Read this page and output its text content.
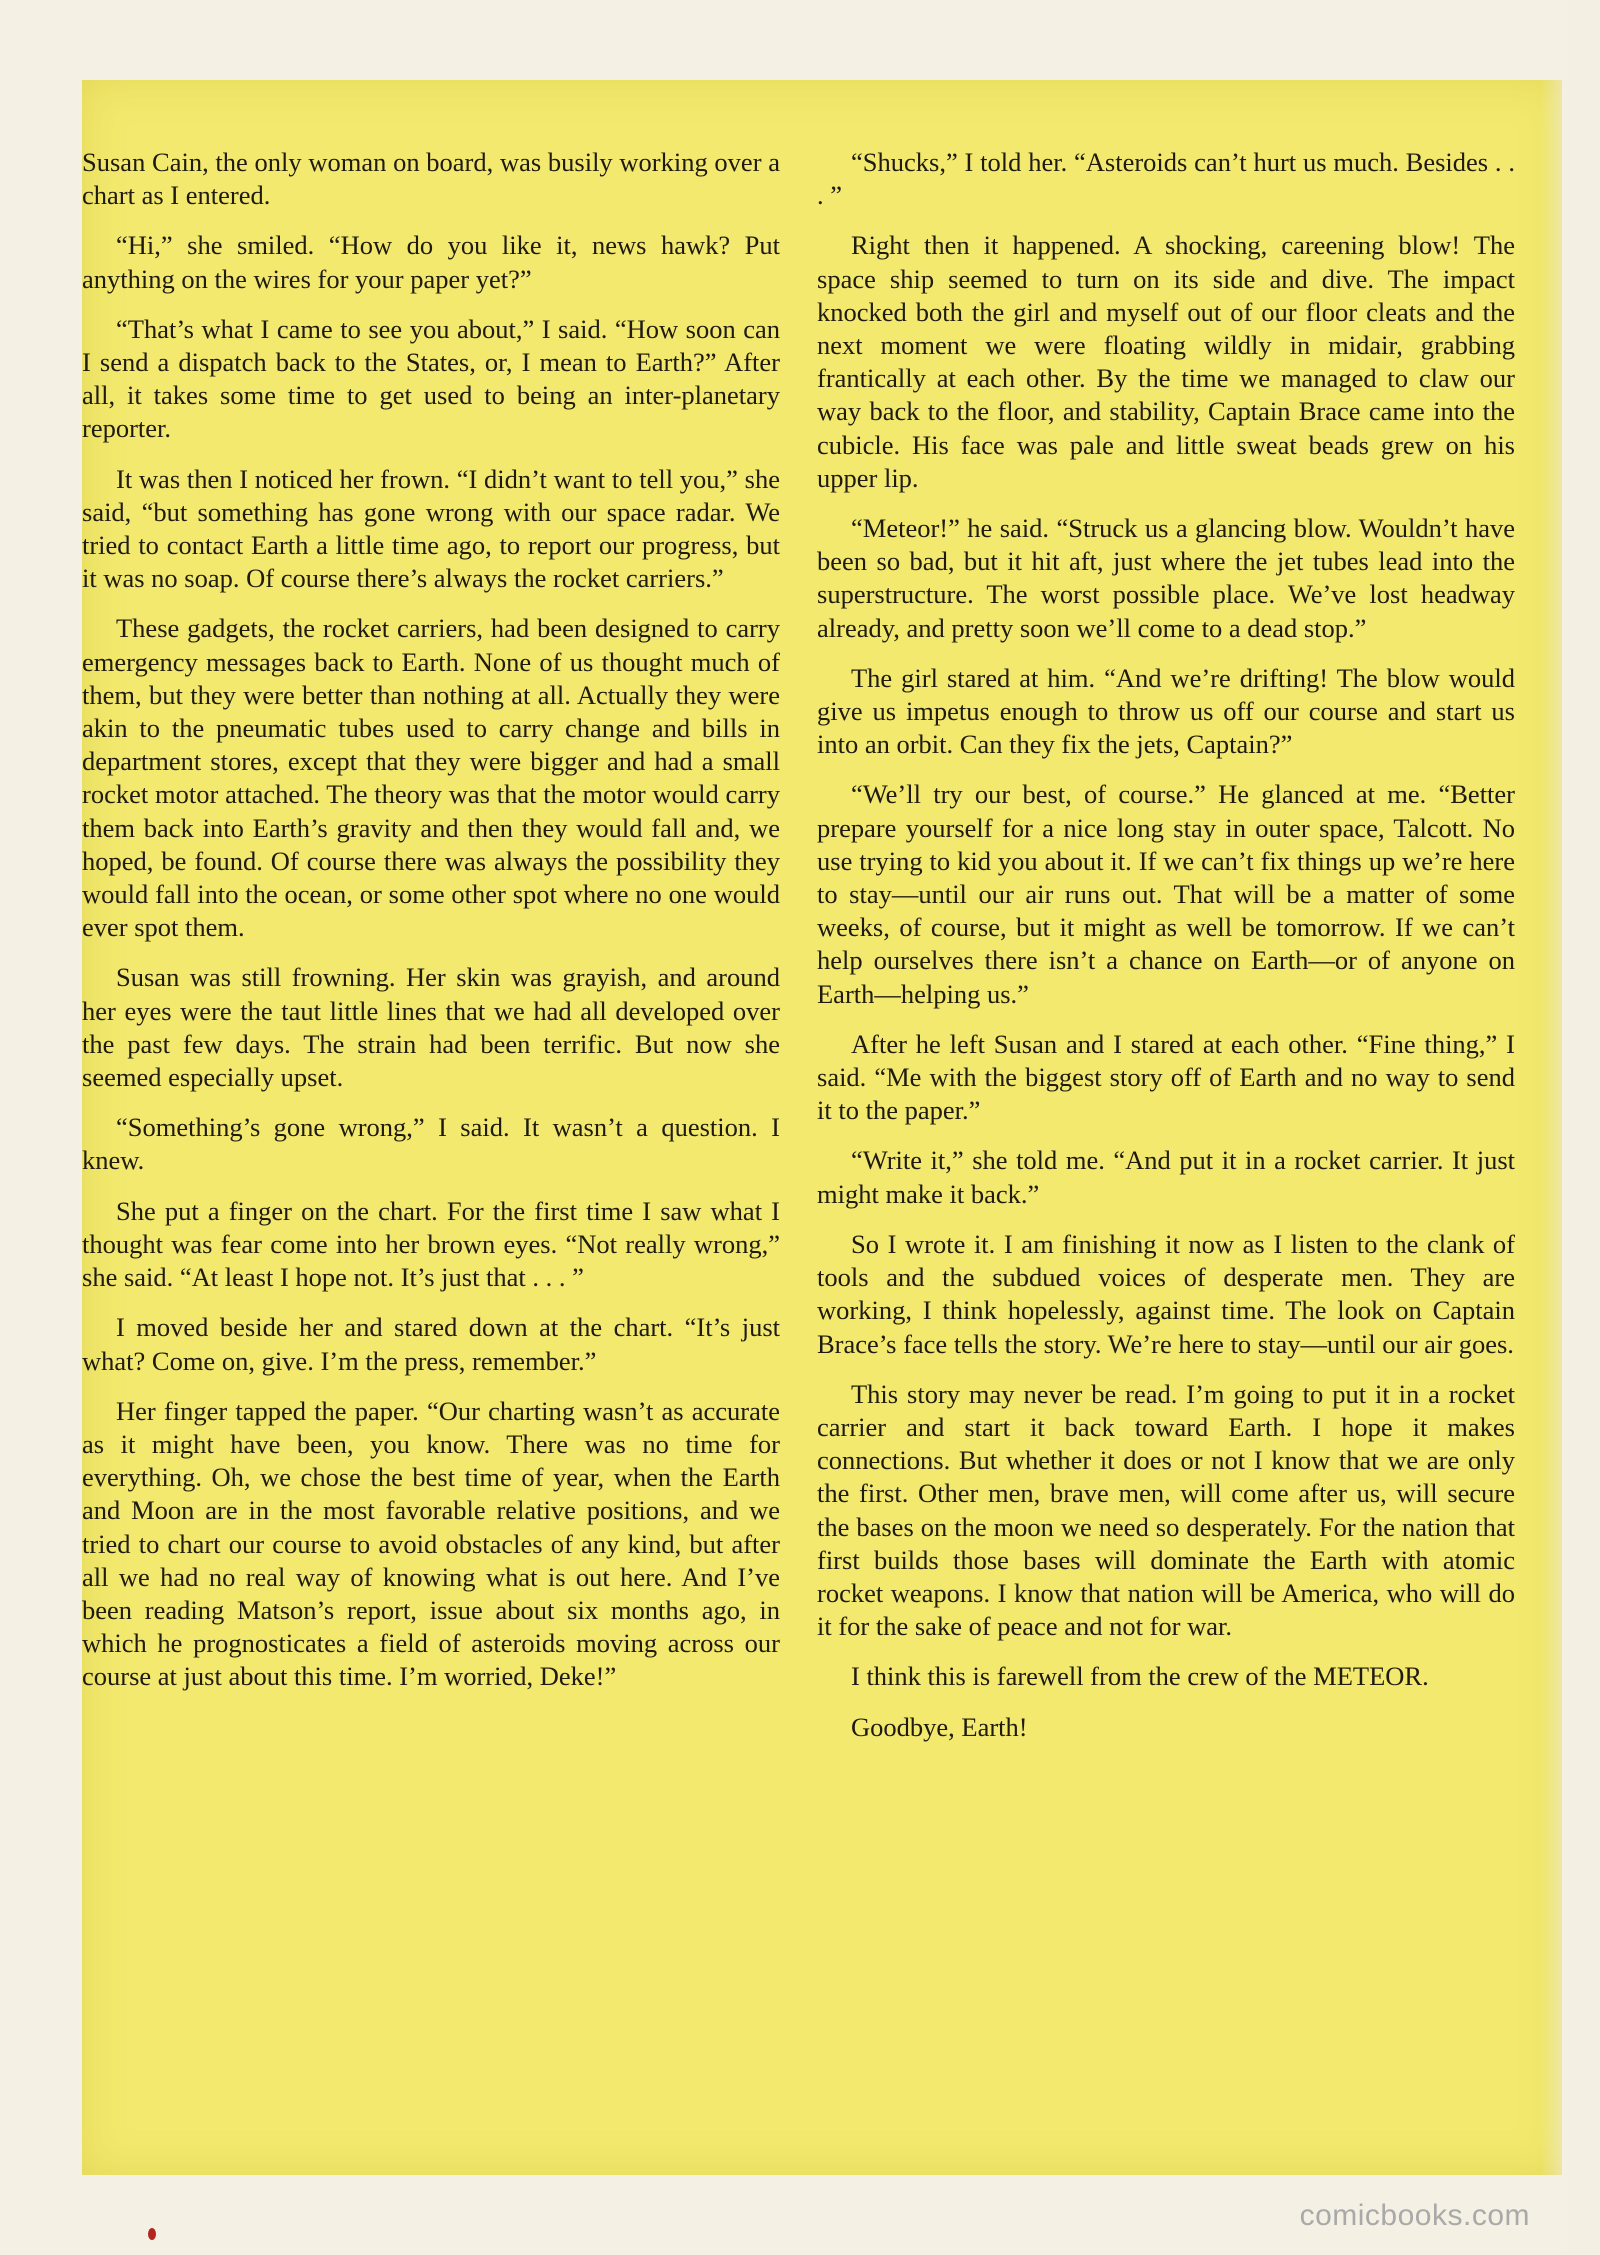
Susan Cain, the only woman on board, was busily working over a chart as I entered.

“Hi,” she smiled. “How do you like it, news hawk? Put anything on the wires for your paper yet?”

“That’s what I came to see you about,” I said. “How soon can I send a dispatch back to the States, or, I mean to Earth?” After all, it takes some time to get used to being an inter-planetary reporter.

It was then I noticed her frown. “I didn’t want to tell you,” she said, “but something has gone wrong with our space radar. We tried to contact Earth a little time ago, to report our progress, but it was no soap. Of course there’s always the rocket carriers.”

These gadgets, the rocket carriers, had been designed to carry emergency messages back to Earth. None of us thought much of them, but they were better than nothing at all. Actually they were akin to the pneumatic tubes used to carry change and bills in department stores, except that they were bigger and had a small rocket motor attached. The theory was that the motor would carry them back into Earth’s gravity and then they would fall and, we hoped, be found. Of course there was always the possibility they would fall into the ocean, or some other spot where no one would ever spot them.

Susan was still frowning. Her skin was grayish, and around her eyes were the taut little lines that we had all developed over the past few days. The strain had been terrific. But now she seemed especially upset.

“Something’s gone wrong,” I said. It wasn’t a question. I knew.

She put a finger on the chart. For the first time I saw what I thought was fear come into her brown eyes. “Not really wrong,” she said. “At least I hope not. It’s just that . . . ”

I moved beside her and stared down at the chart. “It’s just what? Come on, give. I’m the press, remember.”

Her finger tapped the paper. “Our charting wasn’t as accurate as it might have been, you know. There was no time for everything. Oh, we chose the best time of year, when the Earth and Moon are in the most favorable relative positions, and we tried to chart our course to avoid obstacles of any kind, but after all we had no real way of knowing what is out here. And I’ve been reading Matson’s report, issue about six months ago, in which he prognosticates a field of asteroids moving across our course at just about this time. I’m worried, Deke!”

“Shucks,” I told her. “Asteroids can’t hurt us much. Besides . . . ”

Right then it happened. A shocking, careening blow! The space ship seemed to turn on its side and dive. The impact knocked both the girl and myself out of our floor cleats and the next moment we were floating wildly in midair, grabbing frantically at each other. By the time we managed to claw our way back to the floor, and stability, Captain Brace came into the cubicle. His face was pale and little sweat beads grew on his upper lip.

“Meteor!” he said. “Struck us a glancing blow. Wouldn’t have been so bad, but it hit aft, just where the jet tubes lead into the superstructure. The worst possible place. We’ve lost headway already, and pretty soon we’ll come to a dead stop.”

The girl stared at him. “And we’re drifting! The blow would give us impetus enough to throw us off our course and start us into an orbit. Can they fix the jets, Captain?”

“We’ll try our best, of course.” He glanced at me. “Better prepare yourself for a nice long stay in outer space, Talcott. No use trying to kid you about it. If we can’t fix things up we’re here to stay—until our air runs out. That will be a matter of some weeks, of course, but it might as well be tomorrow. If we can’t help ourselves there isn’t a chance on Earth—or of anyone on Earth—helping us.”

After he left Susan and I stared at each other. “Fine thing,” I said. “Me with the biggest story off of Earth and no way to send it to the paper.”

“Write it,” she told me. “And put it in a rocket carrier. It just might make it back.”

So I wrote it. I am finishing it now as I listen to the clank of tools and the subdued voices of desperate men. They are working, I think hopelessly, against time. The look on Captain Brace’s face tells the story. We’re here to stay—until our air goes.

This story may never be read. I’m going to put it in a rocket carrier and start it back toward Earth. I hope it makes connections. But whether it does or not I know that we are only the first. Other men, brave men, will come after us, will secure the bases on the moon we need so desperately. For the nation that first builds those bases will dominate the Earth with atomic rocket weapons. I know that nation will be America, who will do it for the sake of peace and not for war.

I think this is farewell from the crew of the METEOR.

Goodbye, Earth!

comicbooks.com
